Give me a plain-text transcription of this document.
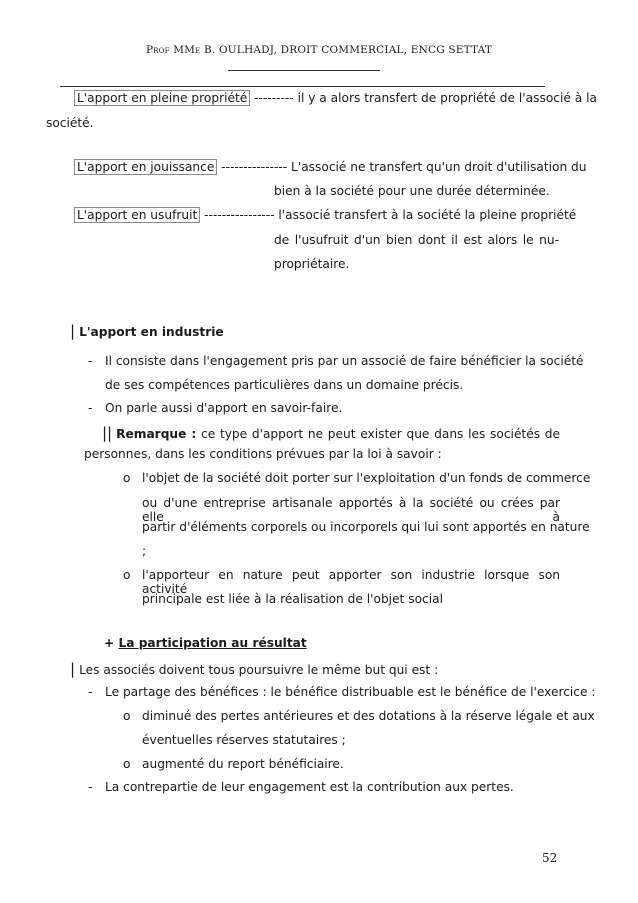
Prof MMe B. OULHADJ, DROIT COMMERCIAL, ENCG SETTAT
L'apport en pleine propriété --------- il y a alors transfert de propriété de l'associé à la
société.
L'apport en jouissance --------------- L'associé ne transfert qu'un droit d'utilisation du
bien à la société pour une durée déterminée.
L'apport en usufruit ---------------- l'associé transfert à la société la pleine propriété
de l'usufruit d'un bien dont il est alors le nu-
propriétaire.
| L'apport en industrie
- Il consiste dans l'engagement pris par un associé de faire bénéficier la société
de ses compétences particulières dans un domaine précis.
- On parle aussi d'apport en savoir-faire.
|| Remarque : ce type d'apport ne peut exister que dans les sociétés de
personnes, dans les conditions prévues par la loi à savoir :
o l'objet de la société doit porter sur l'exploitation d'un fonds de commerce
ou d'une entreprise artisanale apportés à la société ou crées par elle à
partir d'éléments corporels ou incorporels qui lui sont apportés en nature
;
o l'apporteur en nature peut apporter son industrie lorsque son activité
principale est liée à la réalisation de l'objet social
+ La participation au résultat
| Les associés doivent tous poursuivre le même but qui est :
- Le partage des bénéfices : le bénéfice distribuable est le bénéfice de l'exercice :
o diminué des pertes antérieures et des dotations à la réserve légale et aux
éventuelles réserves statutaires ;
o augmenté du report bénéficiaire.
- La contrepartie de leur engagement est la contribution aux pertes.
52
